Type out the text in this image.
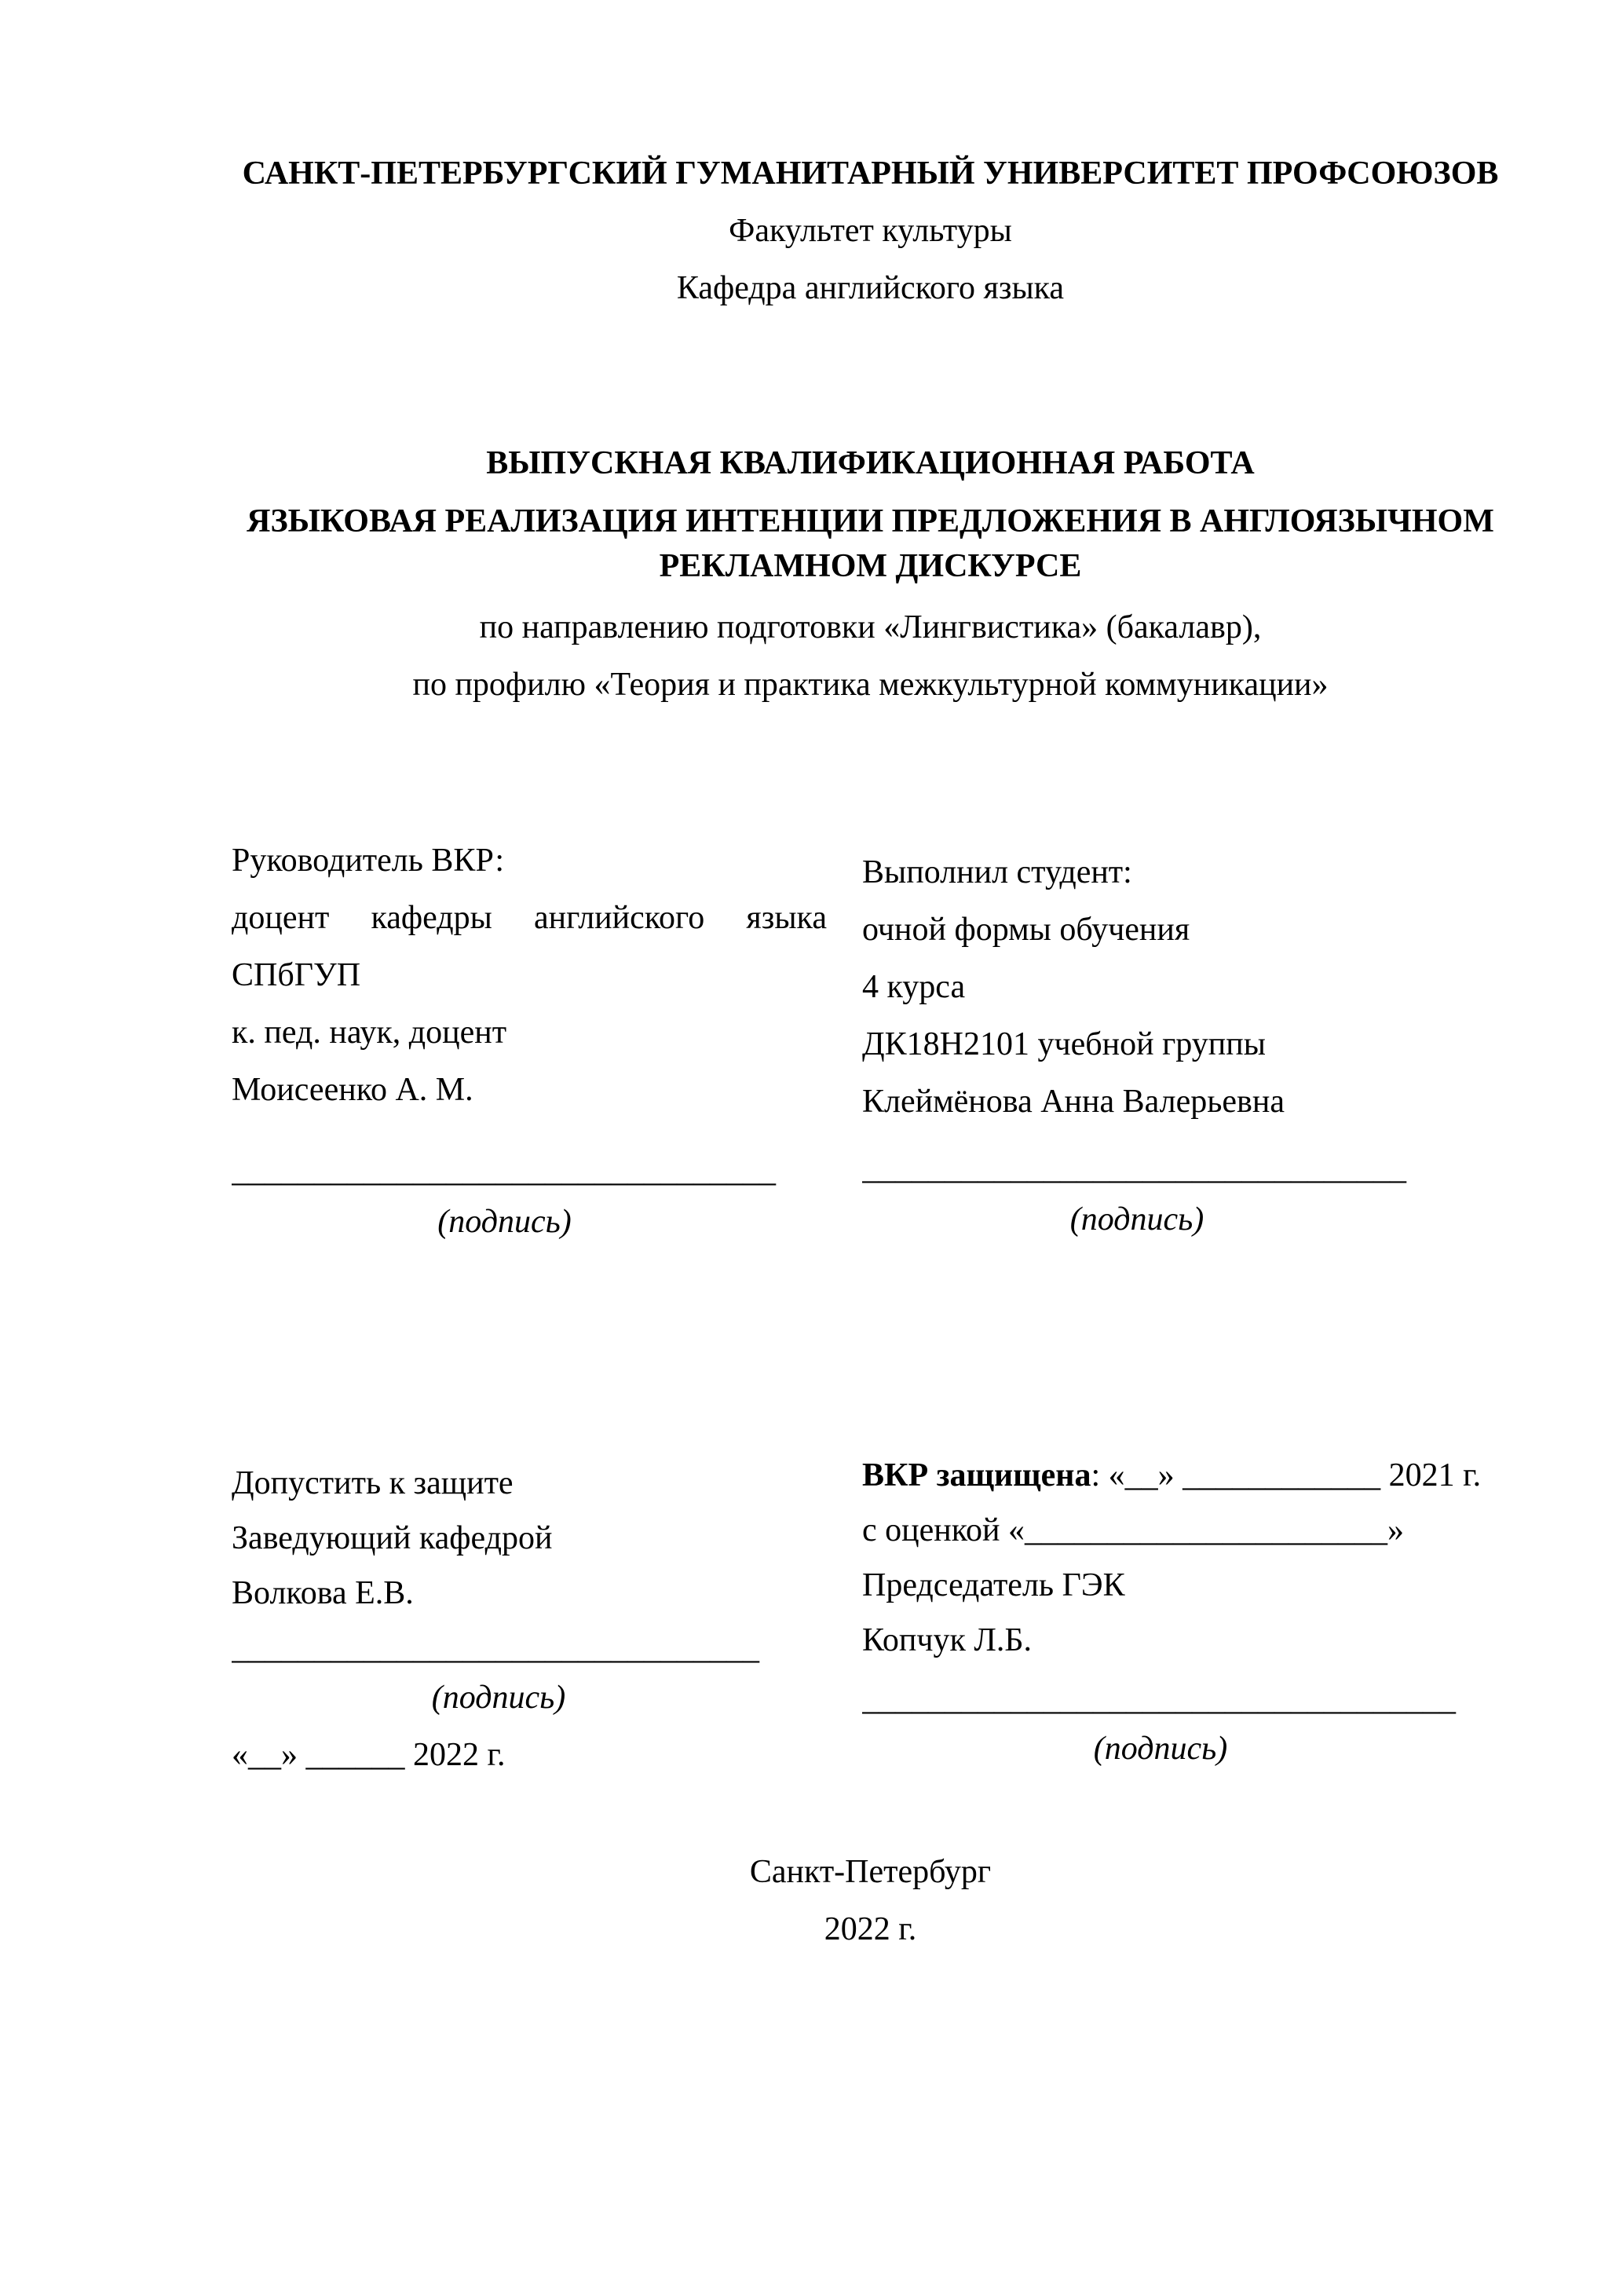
САНКТ-ПЕТЕРБУРГСКИЙ ГУМАНИТАРНЫЙ УНИВЕРСИТЕТ ПРОФСОЮЗОВ
Факультет культуры
Кафедра английского языка
ВЫПУСКНАЯ КВАЛИФИКАЦИОННАЯ РАБОТА
ЯЗЫКОВАЯ РЕАЛИЗАЦИЯ ИНТЕНЦИИ ПРЕДЛОЖЕНИЯ В АНГЛОЯЗЫЧНОМ
РЕКЛАМНОМ ДИСКУРСЕ
по направлению подготовки «Лингвистика» (бакалавр),
по профилю «Теория и практика межкультурной коммуникации»
Руководитель ВКР:
доцент кафедры английского языка
СПбГУП
к. пед. наук, доцент
Моисеенко А. М.
_________________________________
(подпись)
Выполнил студент:
очной формы обучения
4 курса
ДК18Н2101 учебной группы
Клеймёнова Анна Валерьевна
_________________________________
(подпись)
Допустить к защите
Заведующий кафедрой
Волкова Е.В.
________________________________
(подпись)
«__» ______ 2022 г.
ВКР защищена: «__» ____________ 2021 г.
с оценкой «______________________»
Председатель ГЭК
Копчук Л.Б.
____________________________________
(подпись)
Санкт-Петербург
2022 г.
